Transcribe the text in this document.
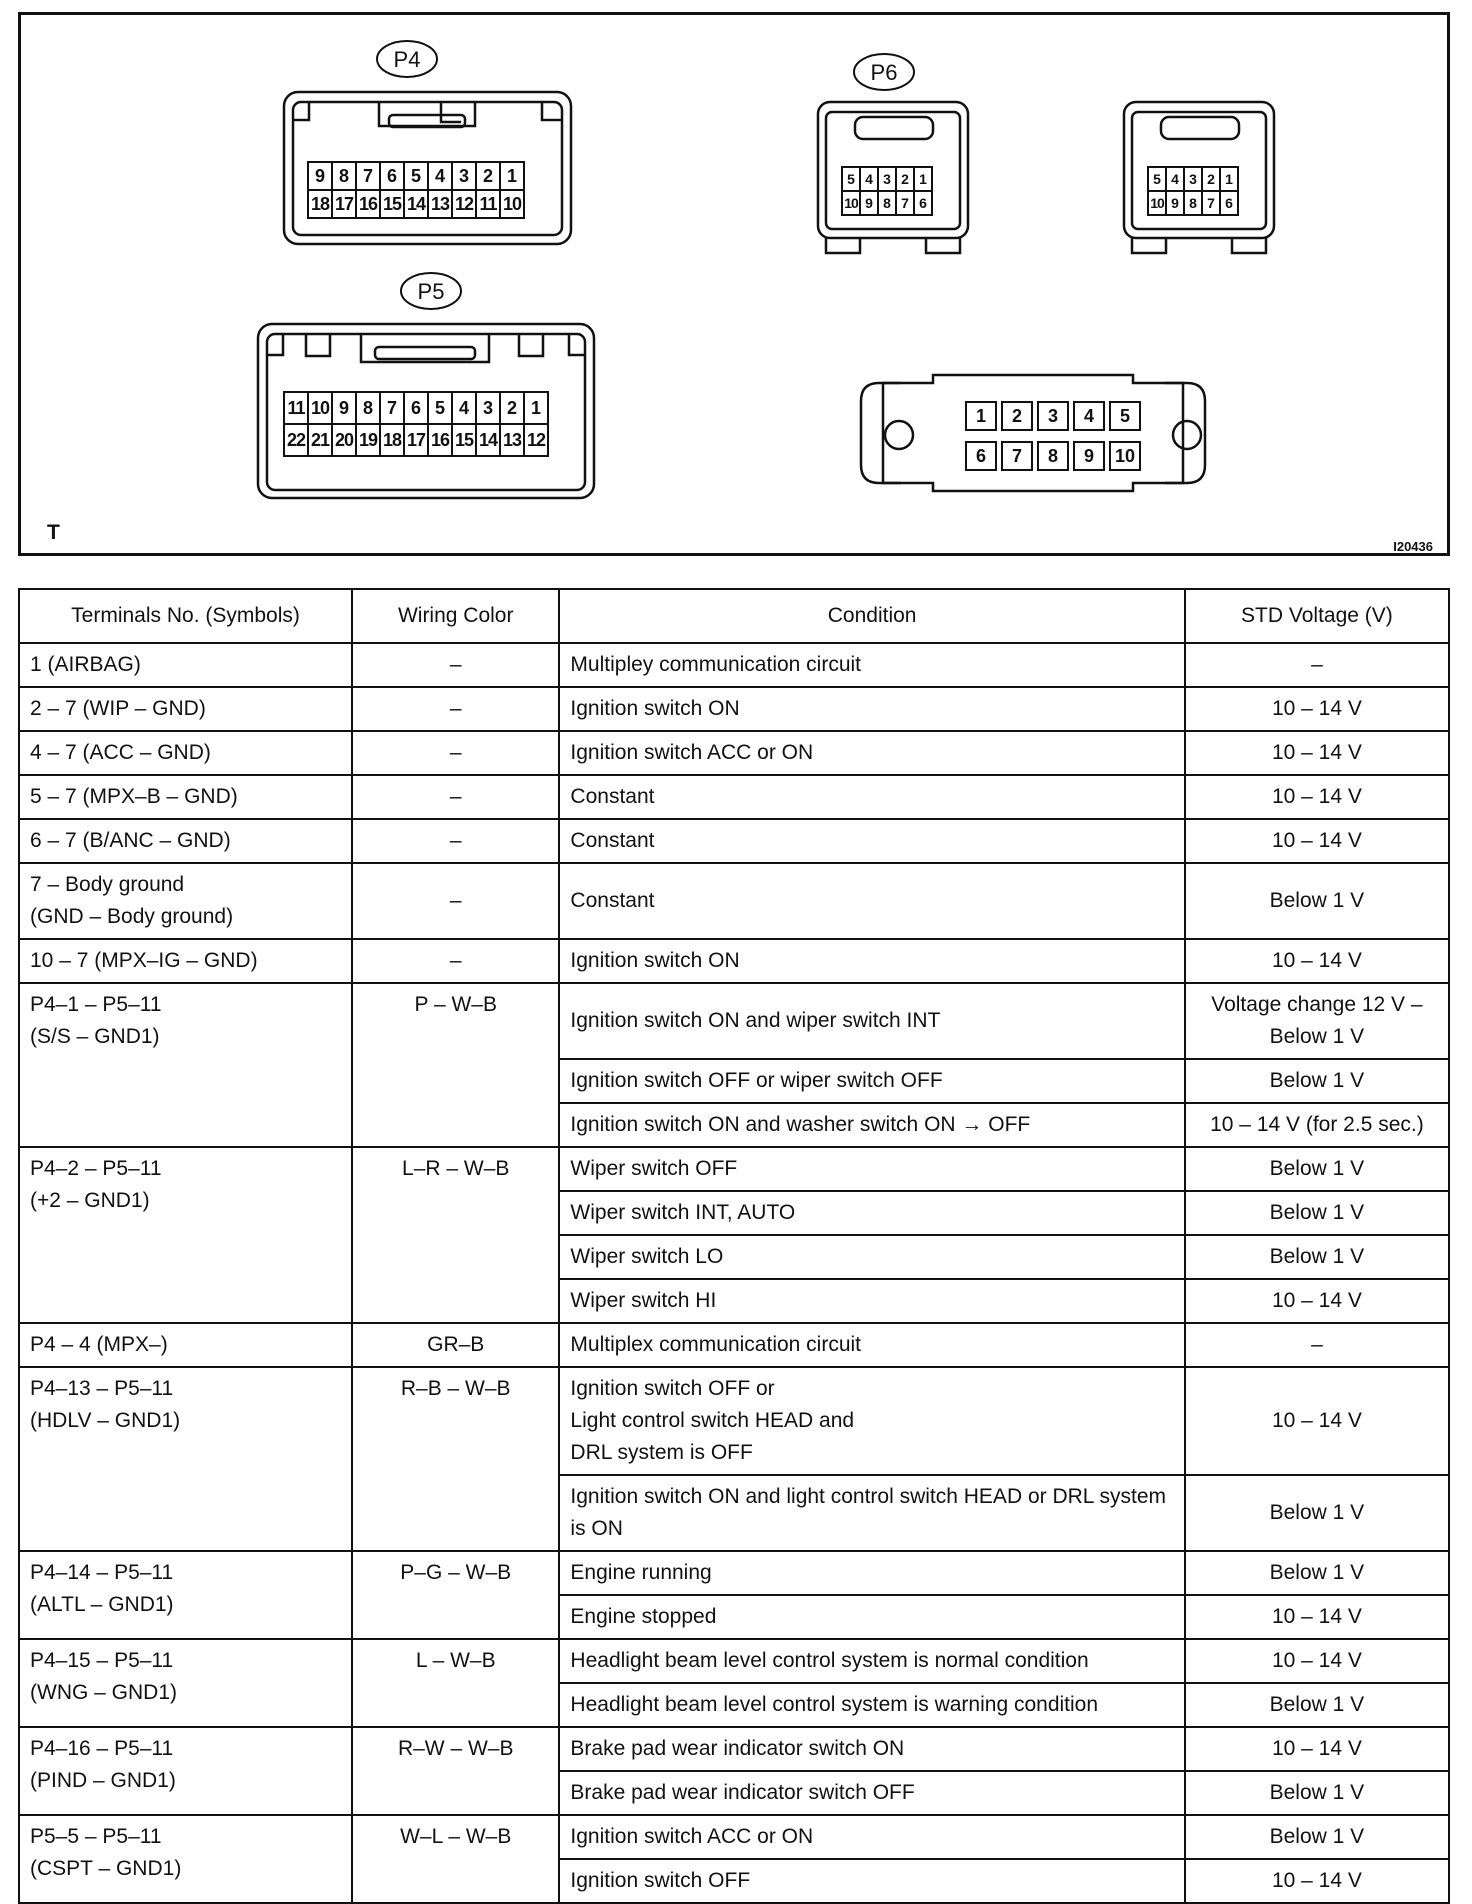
P4
P6
P5
9 8 7 6 5 4 3 2 1
18 17 16 15 14 13 12 11 10
11 10 9 8 7 6 5 4 3 2 1
22 21 20 19 18 17 16 15 14 13 12
5 4 3 2 1
10 9 8 7 6
5 4 3 2 1
10 9 8 7 6
1	2	3	4	5
6	7	8	9	10
T
I20436
Terminals No. (Symbols)	Wiring Color	Condition	STD Voltage (V)
1 (AIRBAG)	–	Multipley communication circuit	–
2 – 7 (WIP – GND)	–	Ignition switch ON	10 – 14 V
4 – 7 (ACC – GND)	–	Ignition switch ACC or ON	10 – 14 V
5 – 7 (MPX–B – GND)	–	Constant	10 – 14 V
6 – 7 (B/ANC – GND)	–	Constant	10 – 14 V
7 – Body ground
(GND – Body ground)	–	Constant	Below 1 V
10 – 7 (MPX–IG – GND)	–	Ignition switch ON	10 – 14 V
P4–1 – P5–11
(S/S – GND1)	P – W–B	Ignition switch ON and wiper switch INT	Voltage change 12 V –
Below 1 V
		Ignition switch OFF or wiper switch OFF	Below 1 V
		Ignition switch ON and washer switch ON → OFF	10 – 14 V (for 2.5 sec.)
P4–2 – P5–11
(+2 – GND1)	L–R – W–B	Wiper switch OFF	Below 1 V
		Wiper switch INT, AUTO	Below 1 V
		Wiper switch LO	Below 1 V
		Wiper switch HI	10 – 14 V
P4 – 4 (MPX–)	GR–B	Multiplex communication circuit	–
P4–13 – P5–11
(HDLV – GND1)	R–B – W–B	Ignition switch OFF or
Light control switch HEAD and
DRL system is OFF	10 – 14 V
		Ignition switch ON and light control switch HEAD or DRL system is ON	Below 1 V
P4–14 – P5–11
(ALTL – GND1)	P–G – W–B	Engine running	Below 1 V
		Engine stopped	10 – 14 V
P4–15 – P5–11
(WNG – GND1)	L – W–B	Headlight beam level control system is normal condition	10 – 14 V
		Headlight beam level control system is warning condition	Below 1 V
P4–16 – P5–11
(PIND – GND1)	R–W – W–B	Brake pad wear indicator switch ON	10 – 14 V
		Brake pad wear indicator switch OFF	Below 1 V
P5–5 – P5–11
(CSPT – GND1)	W–L – W–B	Ignition switch ACC or ON	Below 1 V
		Ignition switch OFF	10 – 14 V
